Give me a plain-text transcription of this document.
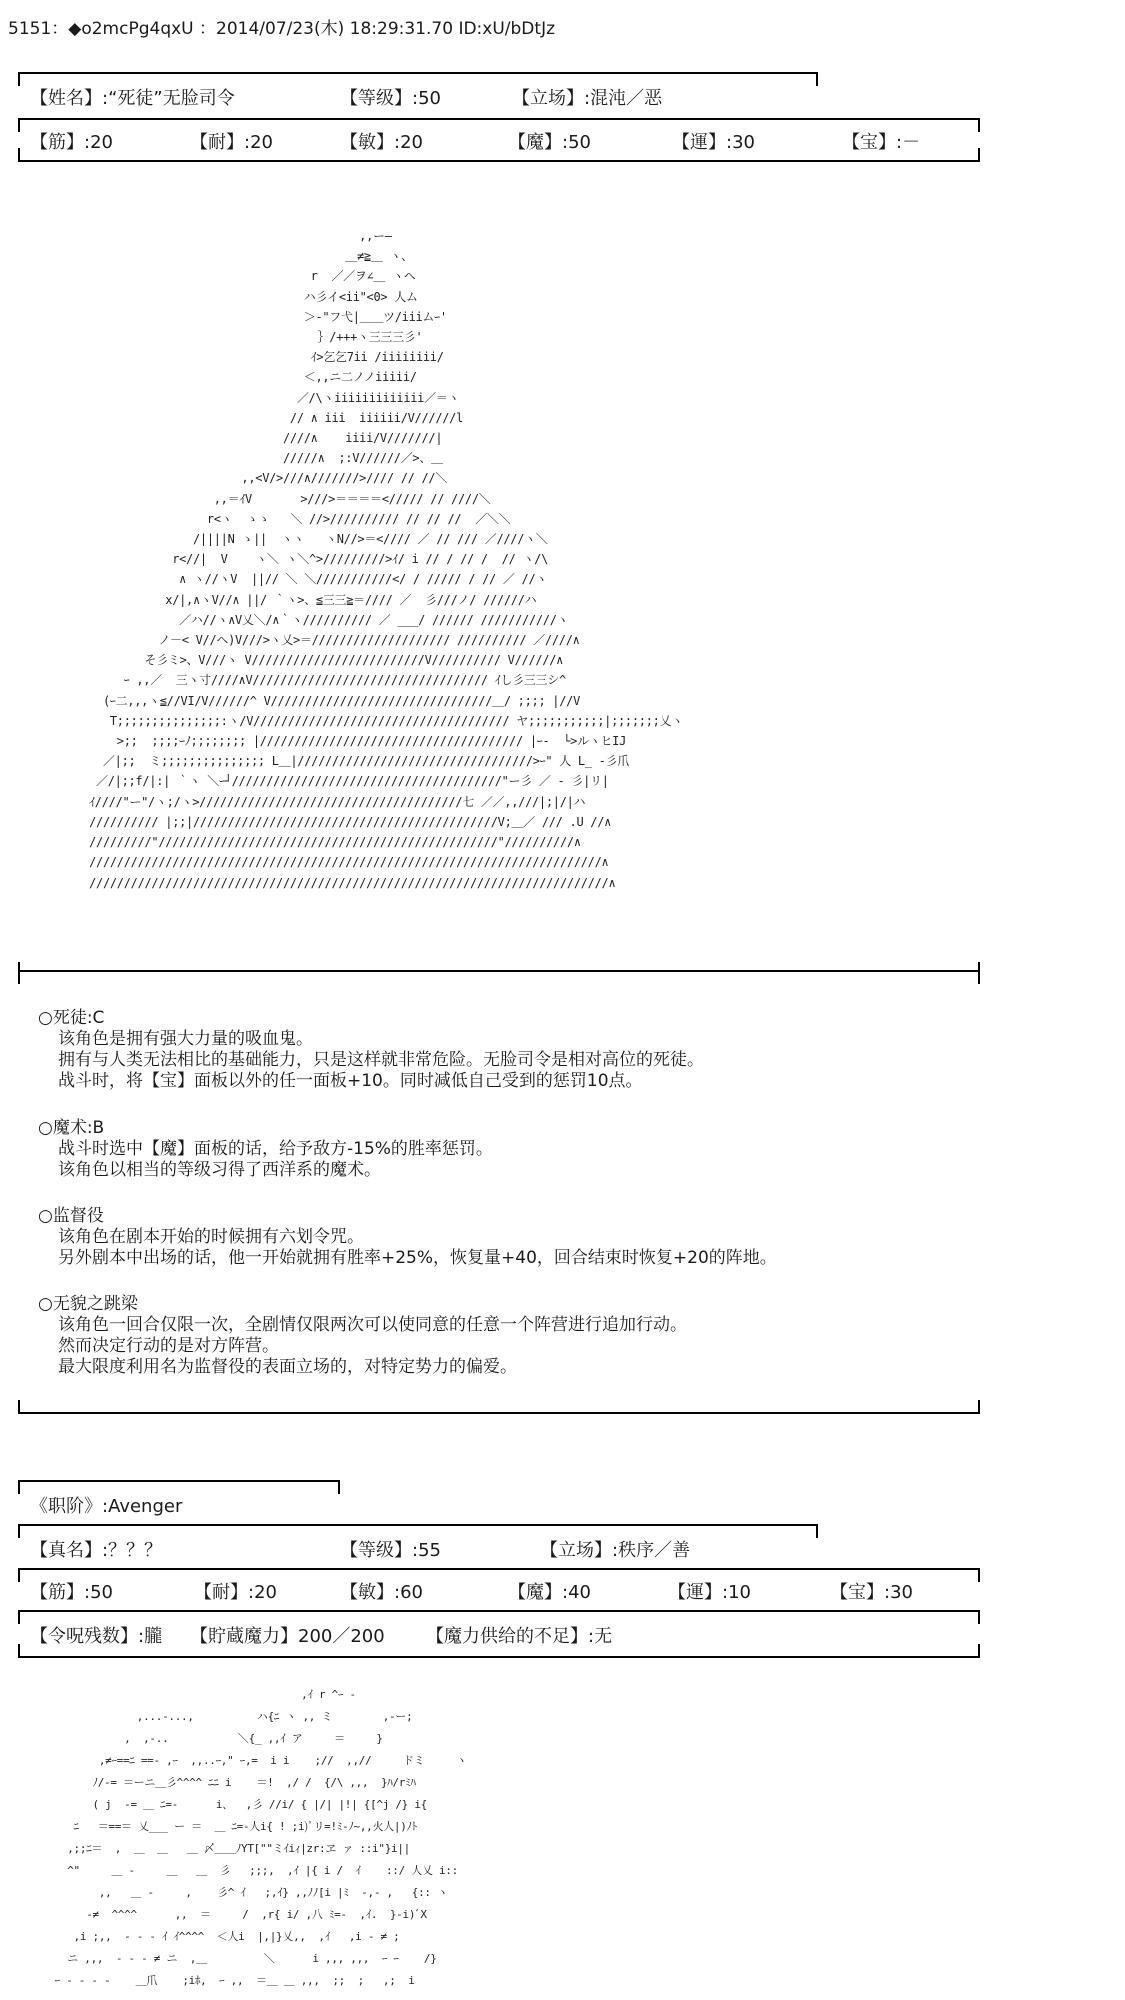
5151：◆o2mcPg4qxU ：2014/07/23(木) 18:29:31.70 ID:xU/bDtJz
【姓名】:“死徒”无脸司令	【等级】:50	【立场】:混沌／恶
【筋】:20	【耐】:20	【敏】:20	【魔】:50	【運】:30	【宝】:－
,,ー―
＿≠≧＿ ヽ、
r  ／／ヲ∠＿ ヽヘ
ハ彡イ<ii"<0> 人ム
＞-"フ弋|＿＿ツ/iiiムｰ'
｝/+++ヽ三三三彡'
ｲ>乞乞7ii /iiiiiiii/
＜,,ニ二ノノiiiii/
／/\ヽiiiiiiiiiiiii／＝ヽ
// ∧ iii  iiiiii/V//////l
////∧    iiii/V///////|
/////∧  ;:V//////／>、＿
,,<V/>///∧///////>//// // //＼
,,＝ｲV       >///>＝＝＝＝<///// // ////＼
r<ヽ  ゝゝ   ＼ //>////////// // // //  ／＼＼
/||||N ゝ||  ヽヽ   ヽN//>＝<//// ／ // /// ／////ヽ＼
r<//|  V    ヽ＼ ヽ＼^>/////////>ｲ/ i // / // /  // ヽ/\
∧ ヽ//ヽV  ||// ＼ ＼///////////</ / ///// / // ／ //ヽ
x/|,∧ヽV//∧ ||/ ｀ヽ>、≦三三≧＝//// ／  彡///ノ/ //////ハ
／ハ//ヽ∧V乂＼/∧｀ヽ////////// ／ ___/ ////// ///////////ヽ
ノ－< V//ヘ)V///>ヽ乂>＝//////////////////// ////////// ／////∧
そ彡ミ>、V///ヽ V/////////////////////////V////////// V//////∧
ｰ ,,／  三ヽ寸////∧V////////////////////////////////// ｲし彡三三シ^
(ｰ二,,,ヽ≦//VI/V//////^ V////////////////////////////////＿/ ;;;; |//V
T;;;;;;;;;;;;;;;:ヽ/V///////////////////////////////////// ヤ;;;;;;;;;;;|;;;;;;;乂ヽ
>;;  ;;;;ｰﾉ;;;;;;;; |////////////////////////////////////// |ｰ-  └>ルヽヒIJ
／|;;  ミ;;;;;;;;;;;;;;; L＿|//////////////////////////////////>ｰ" 人 L_ -彡爪
／/|;;f/|:| ｀ヽ ＼ｰ┘///////////////////////////////////////"ー彡 ／ ‐ 彡|リ|
ｲ////"ー"/ヽ;/ヽ>//////////////////////////////////////七 ／／,,///|;|/|ハ
////////// |;;|////////////////////////////////////////////V;＿／ /// .U //∧
/////////"/////////////////////////////////////////////////"//////////∧
//////////////////////////////////////////////////////////////////////////∧
///////////////////////////////////////////////////////////////////////////∧
○死徒:C
该角色是拥有强大力量的吸血鬼。
拥有与人类无法相比的基础能力，只是这样就非常危险。无脸司令是相对高位的死徒。
战斗时，将【宝】面板以外的任一面板+10。同时减低自己受到的惩罚10点。
○魔术:B
战斗时选中【魔】面板的话，给予敌方-15%的胜率惩罚。
该角色以相当的等级习得了西洋系的魔术。
○监督役
该角色在剧本开始的时候拥有六划令咒。
另外剧本中出场的话，他一开始就拥有胜率+25%，恢复量+40，回合结束时恢复+20的阵地。
○无貌之跳梁
该角色一回合仅限一次，全剧情仅限两次可以使同意的任意一个阵营进行追加行动。
然而决定行动的是对方阵营。
最大限度利用名为监督役的表面立场的，对特定势力的偏爱。
《职阶》:Avenger
【真名】:？？？	【等级】:55	【立场】:秩序／善
【筋】:50	【耐】:20	【敏】:60	【魔】:40	【運】:10	【宝】:30
【令呪残数】:朧 【貯蔵魔力】200／200 【魔力供给的不足】:无
,ｲ r ^ｰ -
,...-...,          ハ{ﾆ ヽ ,, ミ        ,-ー;
,  ,-..           ＼{_ ,,ｲ ア     ＝     }
,≠ｰ==ﾆ ==- ,ｰ  ,,..ｰ," ｰ,=  i i    ;//  ,,//     ドミ     ヽ
ﾉ/-= ＝ーニ＿彡^^^^ ﾆﾆ i    ＝!  ,/ /  {/\ ,,,  }ﾊ/rﾐﾊ
( j  -= ＿ ﾆ=-      i、  ,彡 //i/ { |/| |!| {[^j /} i{
ﾆ   ＝==＝ 乂___ ー ＝  ＿ ﾆ=-人i{ ! ;i)ﾟリ=!ﾐ-ﾉ~,,火人|)ﾉﾄ
,;;ﾆ＝  ,  ＿  ＿   ＿ 〆＿＿ﾉYT[""ミｲiｨ|zr:ヱ ァ ::i"}i||
^"     ＿ -     ＿   ＿  彡   ;;;,  ,ｲ |{ i /  ｲ    ::/ 人乂 i::
,,   ＿ -     ,    彡^ ｲ   ;,ｲ} ,,ﾉﾉ[i |ﾐ  ‐,‐ ,   {:: ヽ
-≠  ^^^^      ,,  ＝     /  ,r{ i/ ,八 ﾐ=-  ,ｲ.  }-i)ﾞX
,i ;,,  - ‐ ‐ ｲ ｲ^^^^  ＜人i  |,|}乂,,  ,ｲ   ,i ‐ ≠ ;
ニ ,,,  ‐ ‐ ‐ ≠ ニ  ,＿         ＼      i ,,, ,,,  ｰ ｰ    /}
ｰ ‐ ‐ ‐ ‐    ＿爪    ;iﾎ,  ｰ ,,  ＝＿ ＿ ,,,  ;;  ;   ,;  i
